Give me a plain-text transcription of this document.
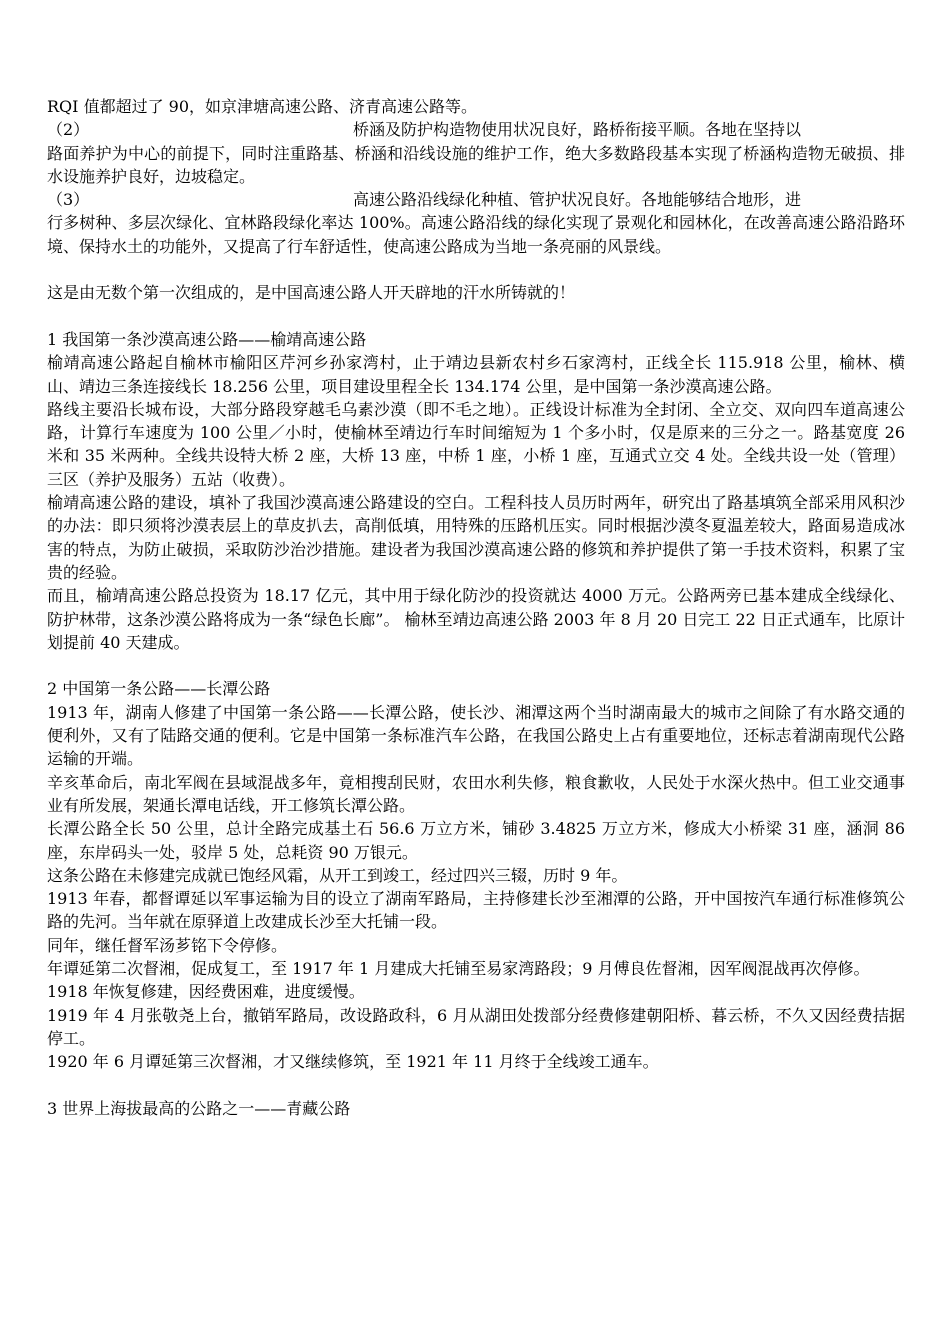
RQI 值都超过了 90，如京津塘高速公路、济青高速公路等。

（2）	桥涵及防护构造物使用状况良好，路桥衔接平顺。各地在坚持以

路面养护为中心的前提下，同时注重路基、桥涵和沿线设施的维护工作，绝大多数路段基本实现了桥涵构造物无破损、排水设施养护良好，边坡稳定。

（3）	高速公路沿线绿化种植、管护状况良好。各地能够结合地形，进

行多树种、多层次绿化、宜林路段绿化率达 100%。高速公路沿线的绿化实现了景观化和园林化，在改善高速公路沿路环境、保持水土的功能外，又提高了行车舒适性，使高速公路成为当地一条亮丽的风景线。

这是由无数个第一次组成的，是中国高速公路人开天辟地的汗水所铸就的！

1 我国第一条沙漠高速公路——榆靖高速公路

榆靖高速公路起自榆林市榆阳区芹河乡孙家湾村，止于靖边县新农村乡石家湾村，正线全长 115.918 公里，榆林、横山、靖边三条连接线长 18.256 公里，项目建设里程全长 134.174 公里，是中国第一条沙漠高速公路。

路线主要沿长城布设，大部分路段穿越毛乌素沙漠（即不毛之地）。正线设计标准为全封闭、全立交、双向四车道高速公路，计算行车速度为 100 公里／小时，使榆林至靖边行车时间缩短为 1 个多小时，仅是原来的三分之一。路基宽度 26 米和 35 米两种。全线共设特大桥 2 座，大桥 13 座，中桥 1 座，小桥 1 座，互通式立交 4 处。全线共设一处（管理）三区（养护及服务）五站（收费）。

榆靖高速公路的建设，填补了我国沙漠高速公路建设的空白。工程科技人员历时两年，研究出了路基填筑全部采用风积沙的办法：即只须将沙漠表层上的草皮扒去，高削低填，用特殊的压路机压实。同时根据沙漠冬夏温差较大，路面易造成冰害的特点，为防止破损，采取防沙治沙措施。建设者为我国沙漠高速公路的修筑和养护提供了第一手技术资料，积累了宝贵的经验。

而且，榆靖高速公路总投资为 18.17 亿元，其中用于绿化防沙的投资就达 4000 万元。公路两旁已基本建成全线绿化、防护林带，这条沙漠公路将成为一条“绿色长廊”。 榆林至靖边高速公路 2003 年 8 月 20 日完工 22 日正式通车，比原计划提前 40 天建成。

2 中国第一条公路——长潭公路

1913 年，湖南人修建了中国第一条公路——长潭公路，使长沙、湘潭这两个当时湖南最大的城市之间除了有水路交通的便利外，又有了陆路交通的便利。它是中国第一条标准汽车公路，在我国公路史上占有重要地位，还标志着湖南现代公路运输的开端。

辛亥革命后，南北军阀在县域混战多年，竟相搜刮民财，农田水利失修，粮食歉收，人民处于水深火热中。但工业交通事业有所发展，架通长潭电话线，开工修筑长潭公路。

长潭公路全长 50 公里，总计全路完成基土石 56.6 万立方米，铺砂 3.4825 万立方米，修成大小桥梁 31 座，涵洞 86 座，东岸码头一处，驳岸 5 处，总耗资 90 万银元。

这条公路在未修建完成就已饱经风霜，从开工到竣工，经过四兴三辍，历时 9 年。

1913 年春，都督谭延以军事运输为目的设立了湖南军路局，主持修建长沙至湘潭的公路，开中国按汽车通行标准修筑公路的先河。当年就在原驿道上改建成长沙至大托铺一段。

同年，继任督军汤芗铭下令停修。

年谭延第二次督湘，促成复工，至 1917 年 1 月建成大托铺至易家湾路段；9 月傅良佐督湘，因军阀混战再次停修。

1918 年恢复修建，因经费困难，进度缓慢。

1919 年 4 月张敬尧上台，撤销军路局，改设路政科，6 月从湖田处拨部分经费修建朝阳桥、暮云桥，不久又因经费拮据停工。

1920 年 6 月谭延第三次督湘，才又继续修筑，至 1921 年 11 月终于全线竣工通车。

3 世界上海拔最高的公路之一——青藏公路
